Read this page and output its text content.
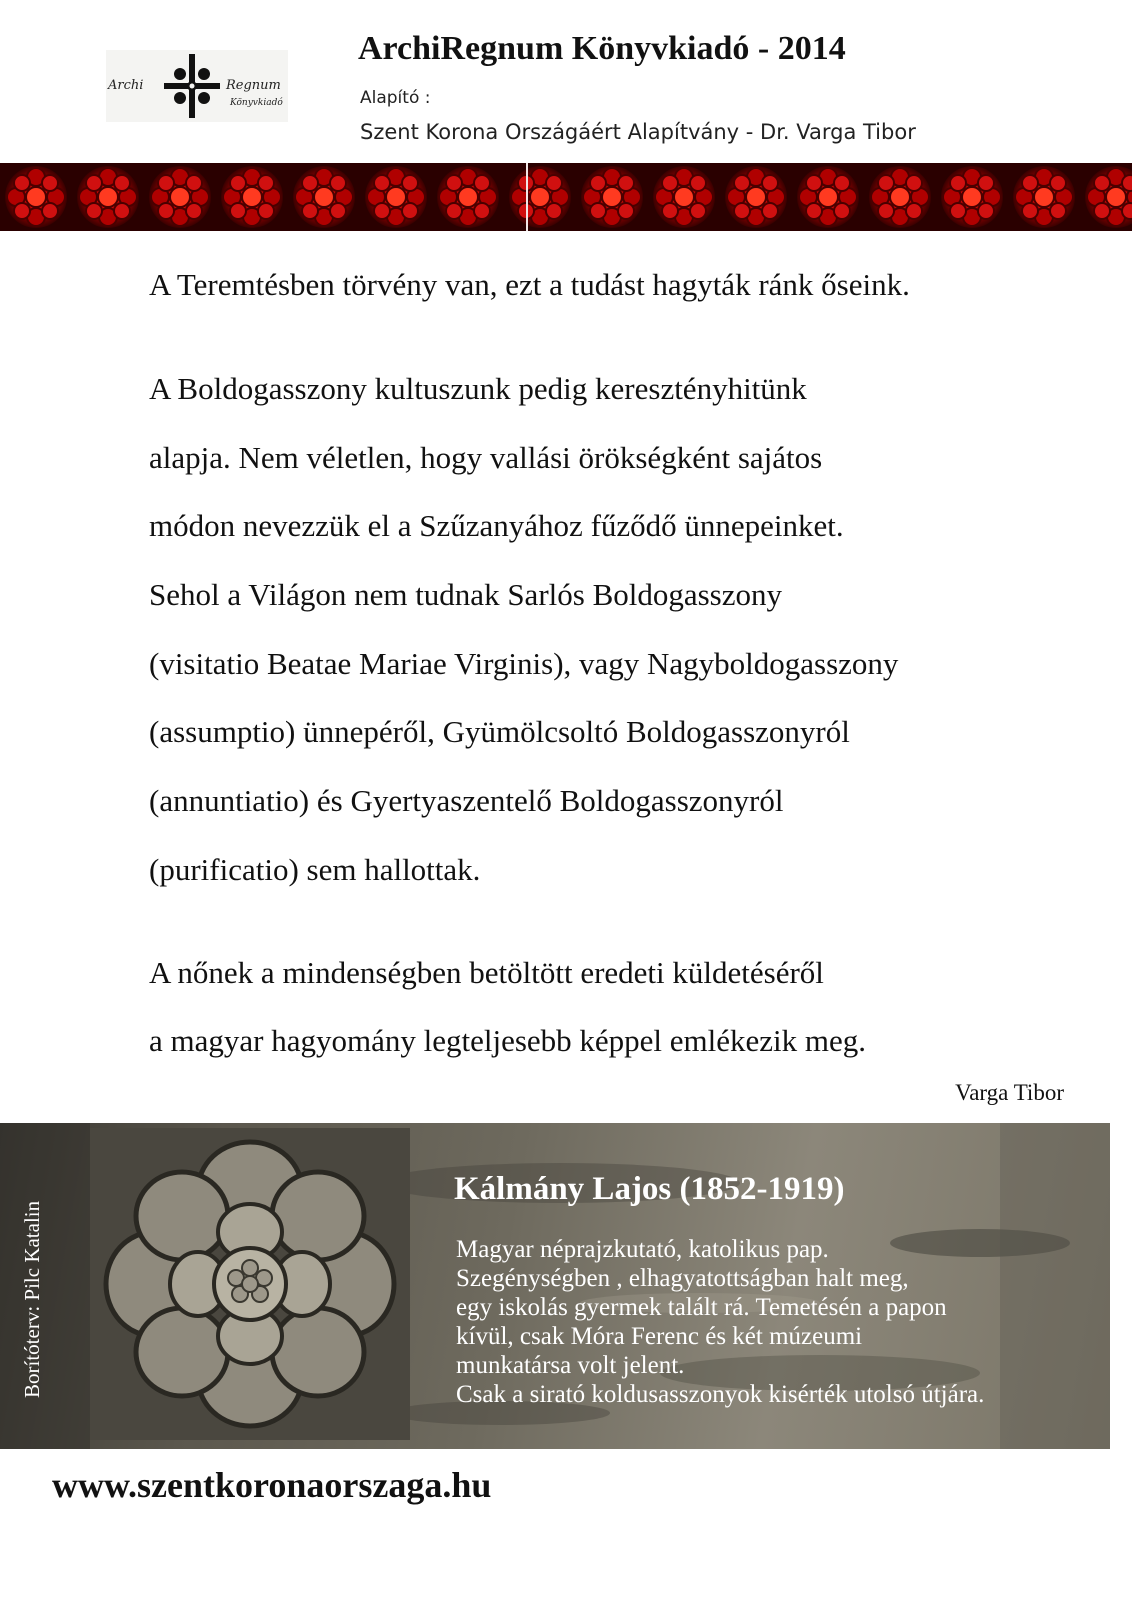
Archi	Regnum
Könyvkiadó
ArchiRegnum Könyvkiadó - 2014
Alapító :
Szent Korona Országáért Alapítvány - Dr. Varga Tibor
A Teremtésben törvény van, ezt a tudást hagyták ránk őseink.
A Boldogasszony kultuszunk pedig keresztényhitünk
alapja. Nem véletlen, hogy vallási örökségként sajátos
módon nevezzük el a Szűzanyához fűződő ünnepeinket.
Sehol a Világon nem tudnak Sarlós Boldogasszony
(visitatio Beatae Mariae Virginis), vagy Nagyboldogasszony
(assumptio) ünnepéről, Gyümölcsoltó Boldogasszonyról
(annuntiatio) és Gyertyaszentelő Boldogasszonyról
(purificatio) sem hallottak.
A nőnek a mindenségben betöltött eredeti küldetéséről
a magyar hagyomány legteljesebb képpel emlékezik meg.
Varga Tibor
Borítóterv: Pilc Katalin
Kálmány Lajos (1852-1919)
Magyar néprajzkutató, katolikus pap.
Szegénységben , elhagyatottságban halt meg,
egy iskolás gyermek talált rá. Temetésén a papon
kívül, csak Móra Ferenc és két múzeumi
munkatársa volt jelent.
Csak a sirató koldusasszonyok kisérték utolsó útjára.
www.szentkoronaorszaga.hu
